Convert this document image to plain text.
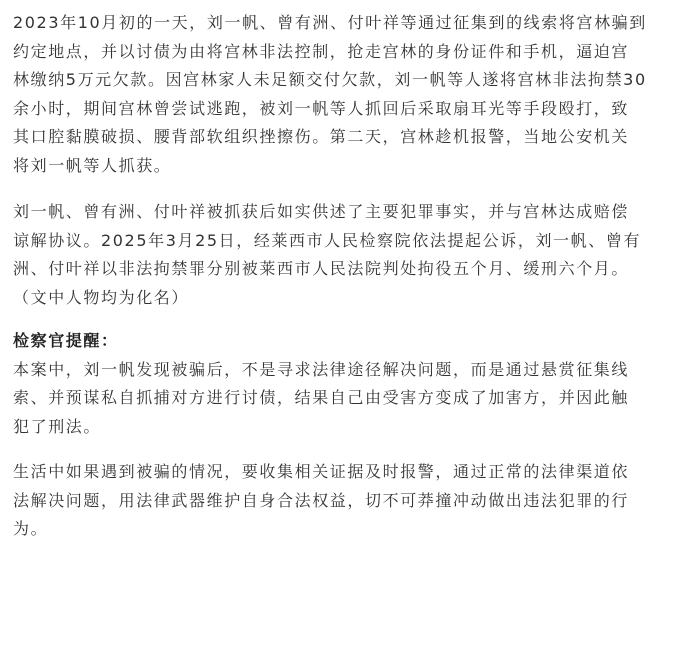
2023年10月初的一天，刘一帆、曾有洲、付叶祥等通过征集到的线索将宫林骗到
约定地点，并以讨债为由将宫林非法控制，抢走宫林的身份证件和手机，逼迫宫
林缴纳5万元欠款。因宫林家人未足额交付欠款，刘一帆等人遂将宫林非法拘禁30
余小时，期间宫林曾尝试逃跑，被刘一帆等人抓回后采取扇耳光等手段殴打，致
其口腔黏膜破损、腰背部软组织挫擦伤。第二天，宫林趁机报警，当地公安机关
将刘一帆等人抓获。

刘一帆、曾有洲、付叶祥被抓获后如实供述了主要犯罪事实，并与宫林达成赔偿
谅解协议。2025年3月25日，经莱西市人民检察院依法提起公诉，刘一帆、曾有
洲、付叶祥以非法拘禁罪分别被莱西市人民法院判处拘役五个月、缓刑六个月。
（文中人物均为化名）

检察官提醒：
本案中，刘一帆发现被骗后，不是寻求法律途径解决问题，而是通过悬赏征集线
索、并预谋私自抓捕对方进行讨债，结果自己由受害方变成了加害方，并因此触
犯了刑法。

生活中如果遇到被骗的情况，要收集相关证据及时报警，通过正常的法律渠道依
法解决问题，用法律武器维护自身合法权益，切不可莽撞冲动做出违法犯罪的行
为。
